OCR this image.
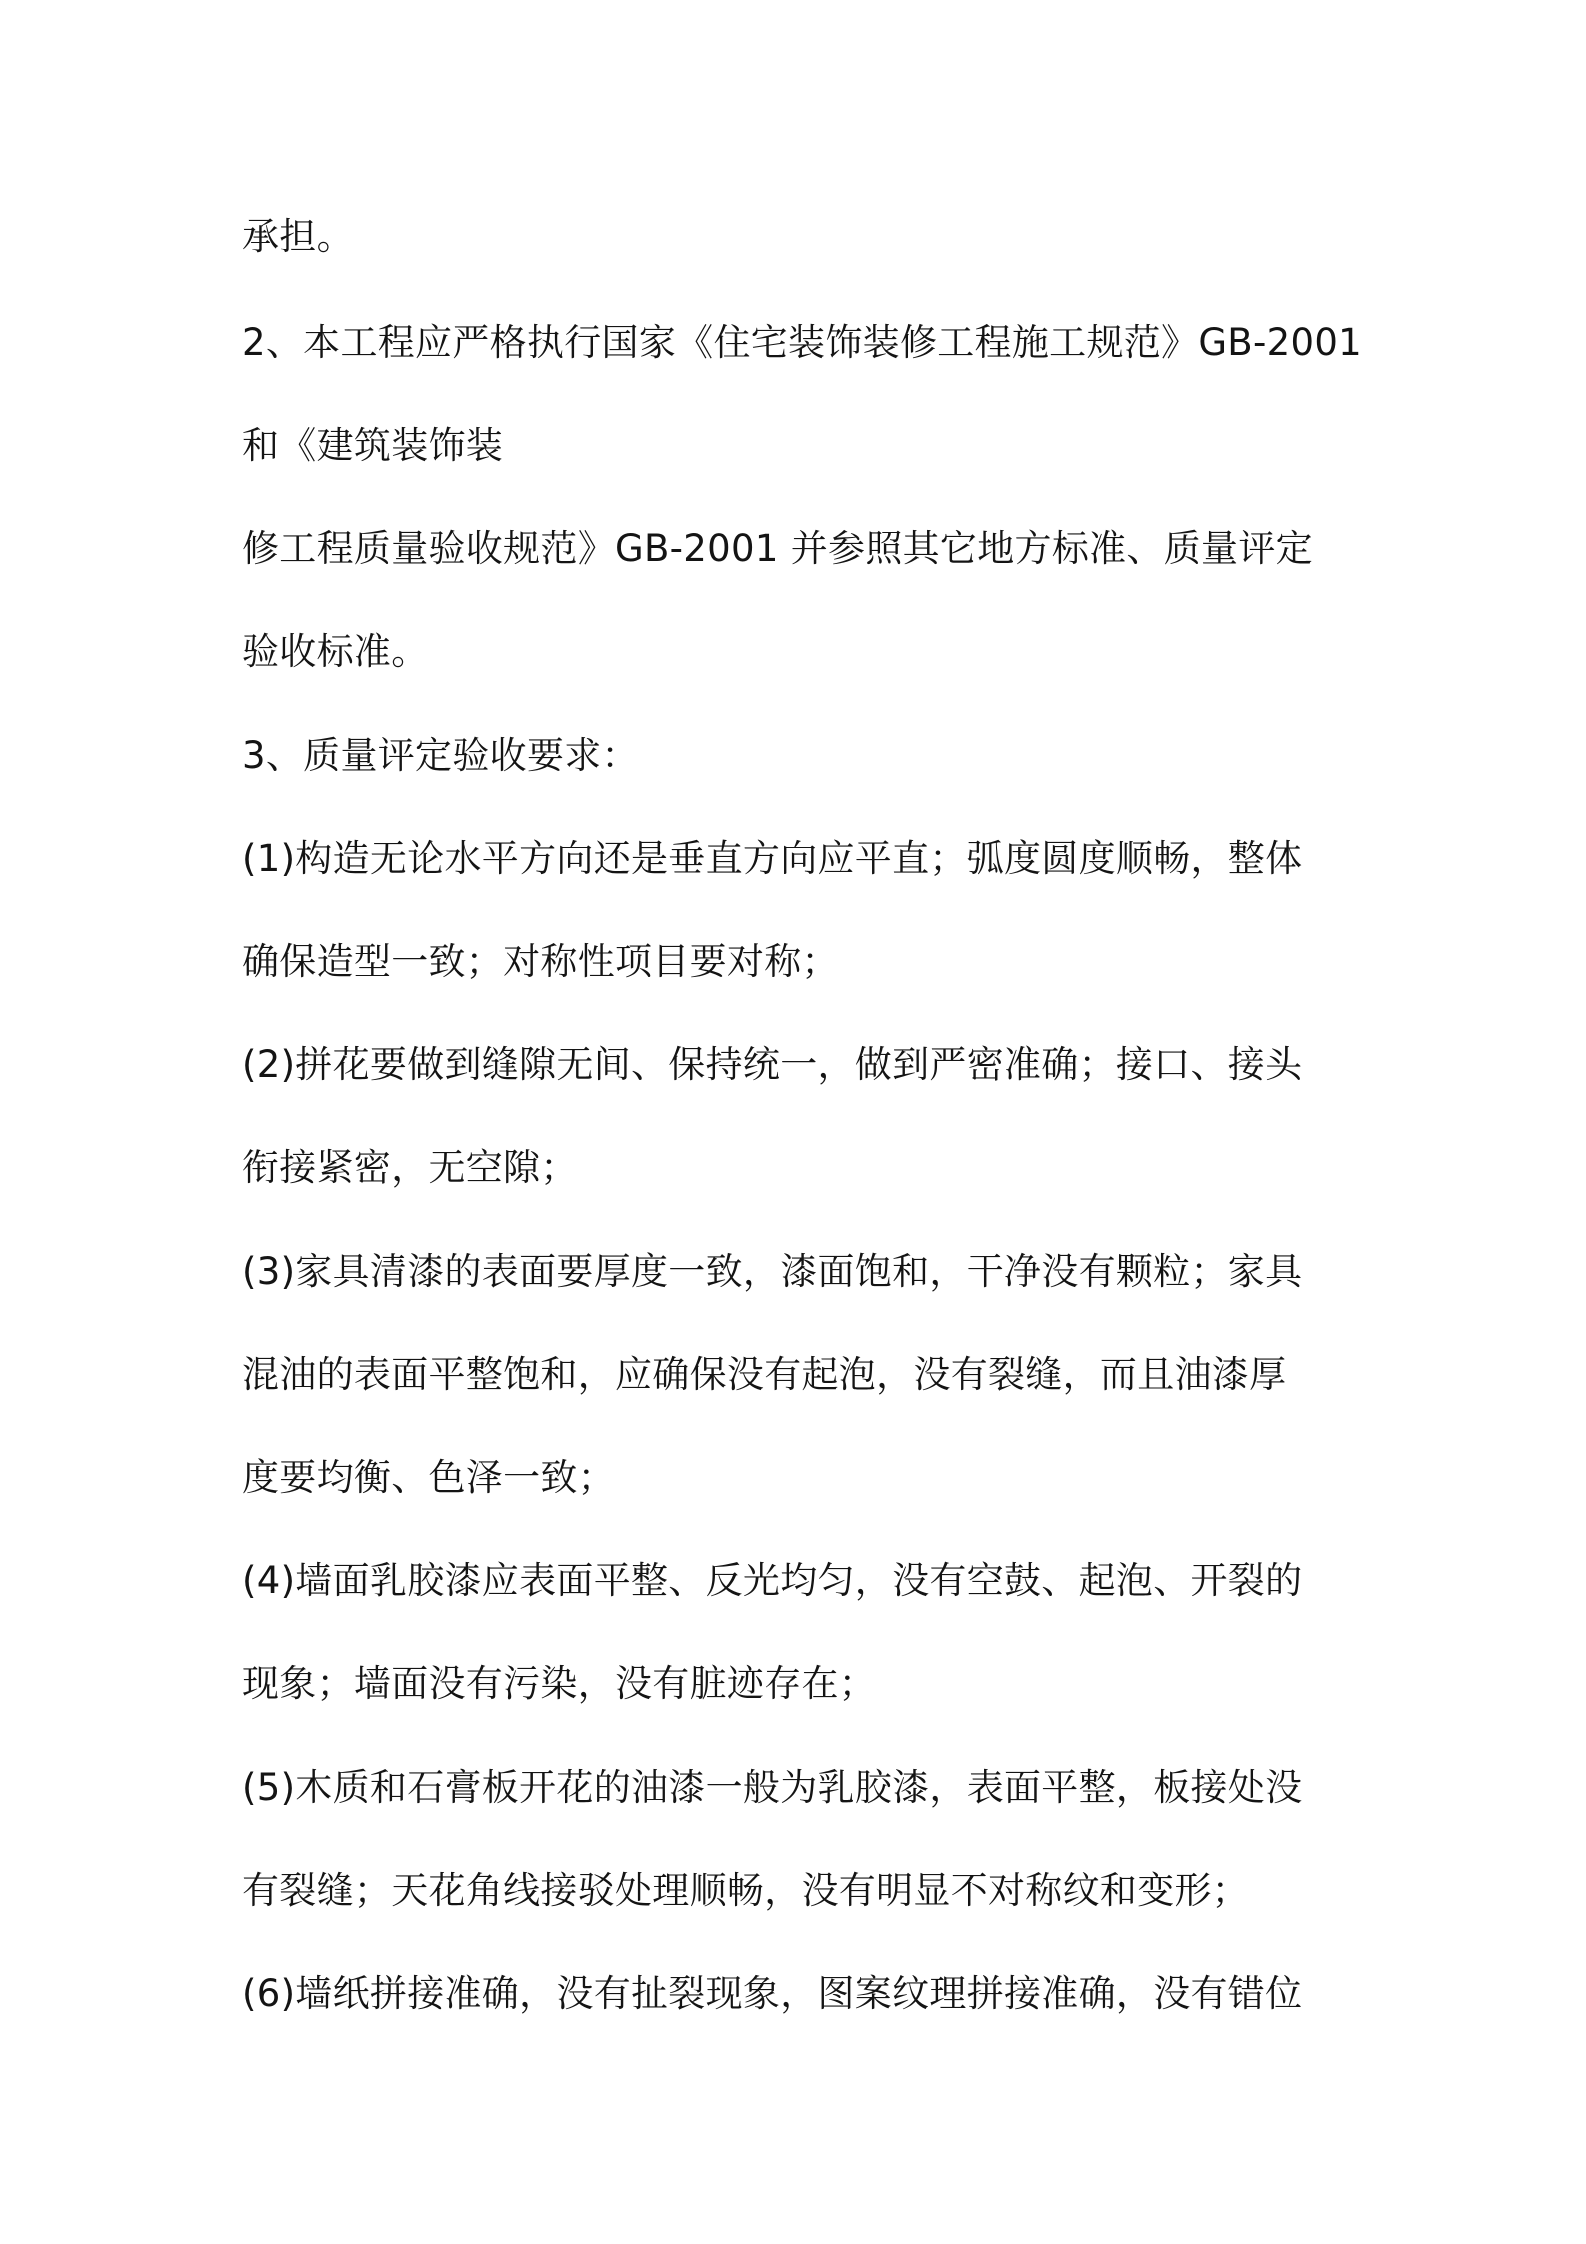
承担。
2、本工程应严格执行国家《住宅装饰装修工程施工规范》GB-2001
和《建筑装饰装
修工程质量验收规范》GB-2001 并参照其它地方标准、质量评定
验收标准。
3、质量评定验收要求：
(1)构造无论水平方向还是垂直方向应平直；弧度圆度顺畅，整体
确保造型一致；对称性项目要对称；
(2)拼花要做到缝隙无间、保持统一，做到严密准确；接口、接头
衔接紧密，无空隙；
(3)家具清漆的表面要厚度一致，漆面饱和，干净没有颗粒；家具
混油的表面平整饱和，应确保没有起泡，没有裂缝，而且油漆厚
度要均衡、色泽一致；
(4)墙面乳胶漆应表面平整、反光均匀，没有空鼓、起泡、开裂的
现象；墙面没有污染，没有脏迹存在；
(5)木质和石膏板开花的油漆一般为乳胶漆，表面平整，板接处没
有裂缝；天花角线接驳处理顺畅，没有明显不对称纹和变形；
(6)墙纸拼接准确，没有扯裂现象，图案纹理拼接准确，没有错位
